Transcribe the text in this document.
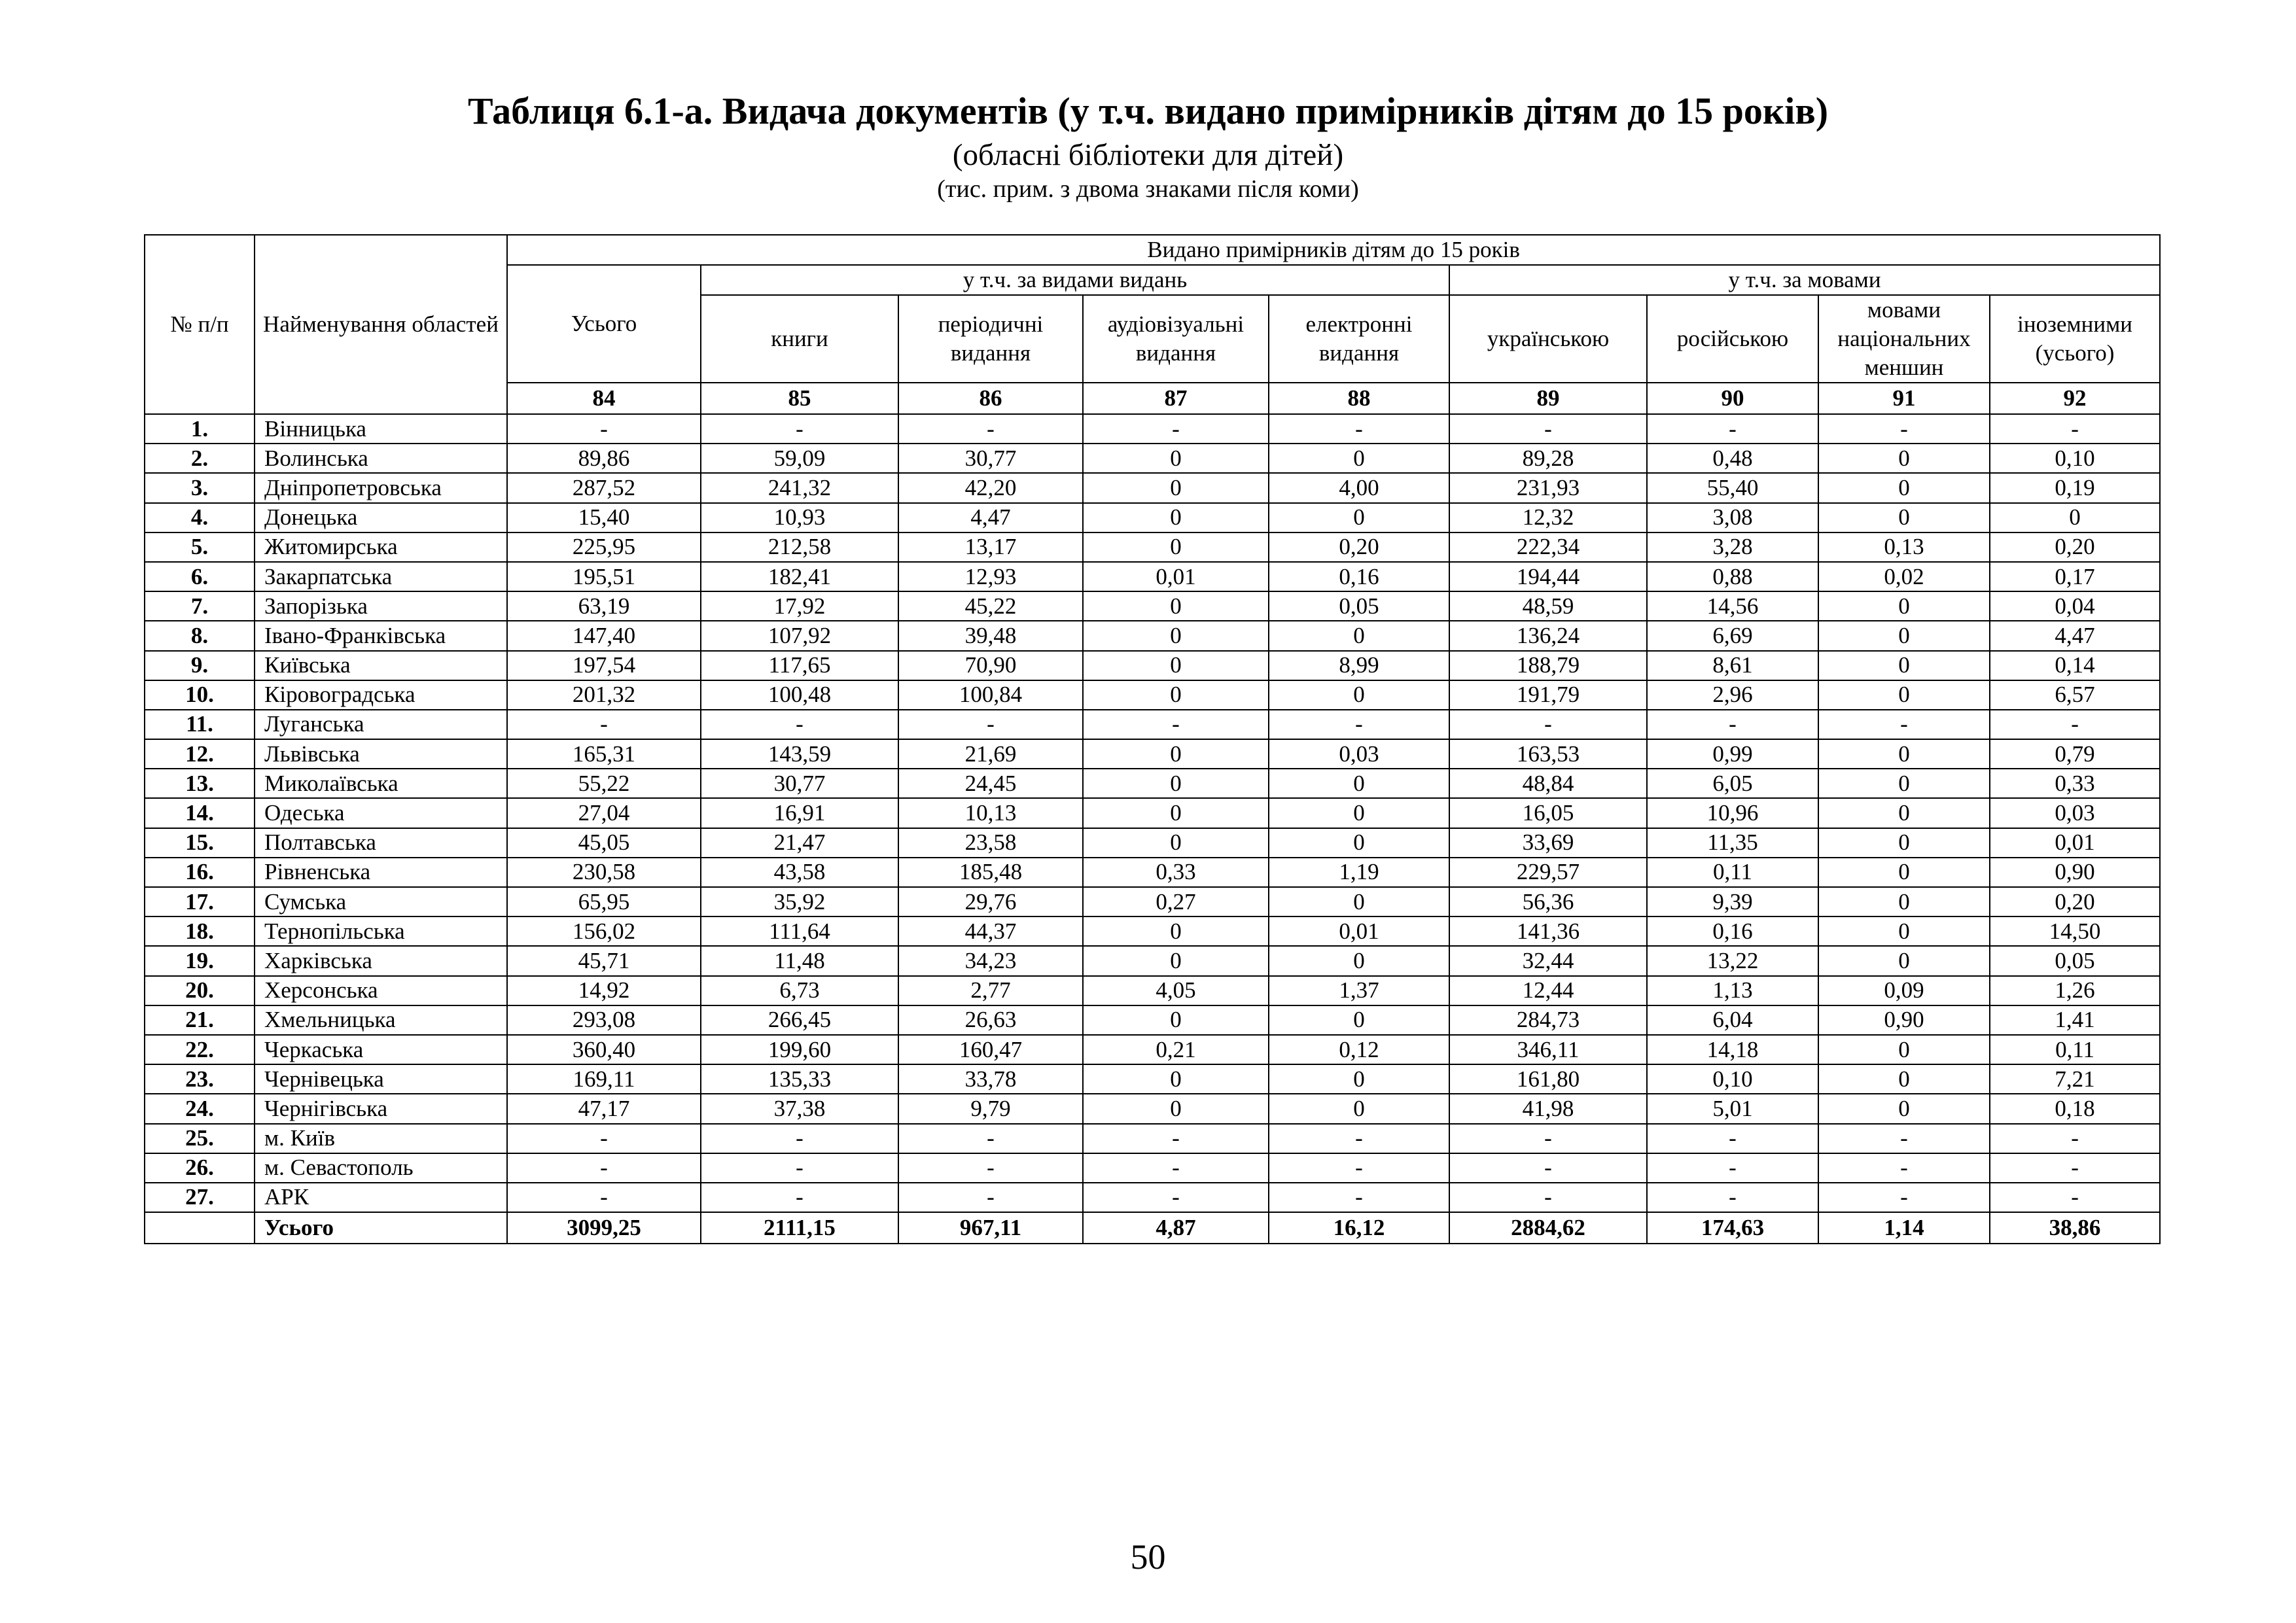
Таблиця 6.1-а. Видача документів (у т.ч. видано примірників дітям до 15 років)
(обласні бібліотеки для дітей)
(тис. прим. з двома знаками після коми)
№ п/п	Найменування областей	Видано примірників дітям до 15 років								
		Усього	у т.ч. за видами видань				у т.ч. за мовами			
			книги	періодичні видання	аудіовізуальні видання	електронні видання	українською	російською	мовами національних меншин	іноземними (усього)
		84	85	86	87	88	89	90	91	92
1.	Вінницька	-	-	-	-	-	-	-	-	-
2.	Волинська	89,86	59,09	30,77	0	0	89,28	0,48	0	0,10
3.	Дніпропетровська	287,52	241,32	42,20	0	4,00	231,93	55,40	0	0,19
4.	Донецька	15,40	10,93	4,47	0	0	12,32	3,08	0	0
5.	Житомирська	225,95	212,58	13,17	0	0,20	222,34	3,28	0,13	0,20
6.	Закарпатська	195,51	182,41	12,93	0,01	0,16	194,44	0,88	0,02	0,17
7.	Запорізька	63,19	17,92	45,22	0	0,05	48,59	14,56	0	0,04
8.	Івано-Франківська	147,40	107,92	39,48	0	0	136,24	6,69	0	4,47
9.	Київська	197,54	117,65	70,90	0	8,99	188,79	8,61	0	0,14
10.	Кіровоградська	201,32	100,48	100,84	0	0	191,79	2,96	0	6,57
11.	Луганська	-	-	-	-	-	-	-	-	-
12.	Львівська	165,31	143,59	21,69	0	0,03	163,53	0,99	0	0,79
13.	Миколаївська	55,22	30,77	24,45	0	0	48,84	6,05	0	0,33
14.	Одеська	27,04	16,91	10,13	0	0	16,05	10,96	0	0,03
15.	Полтавська	45,05	21,47	23,58	0	0	33,69	11,35	0	0,01
16.	Рівненська	230,58	43,58	185,48	0,33	1,19	229,57	0,11	0	0,90
17.	Сумська	65,95	35,92	29,76	0,27	0	56,36	9,39	0	0,20
18.	Тернопільська	156,02	111,64	44,37	0	0,01	141,36	0,16	0	14,50
19.	Харківська	45,71	11,48	34,23	0	0	32,44	13,22	0	0,05
20.	Херсонська	14,92	6,73	2,77	4,05	1,37	12,44	1,13	0,09	1,26
21.	Хмельницька	293,08	266,45	26,63	0	0	284,73	6,04	0,90	1,41
22.	Черкаська	360,40	199,60	160,47	0,21	0,12	346,11	14,18	0	0,11
23.	Чернівецька	169,11	135,33	33,78	0	0	161,80	0,10	0	7,21
24.	Чернігівська	47,17	37,38	9,79	0	0	41,98	5,01	0	0,18
25.	м. Київ	-	-	-	-	-	-	-	-	-
26.	м. Севастополь	-	-	-	-	-	-	-	-	-
27.	АРК	-	-	-	-	-	-	-	-	-
	Усього	3099,25	2111,15	967,11	4,87	16,12	2884,62	174,63	1,14	38,86
50
